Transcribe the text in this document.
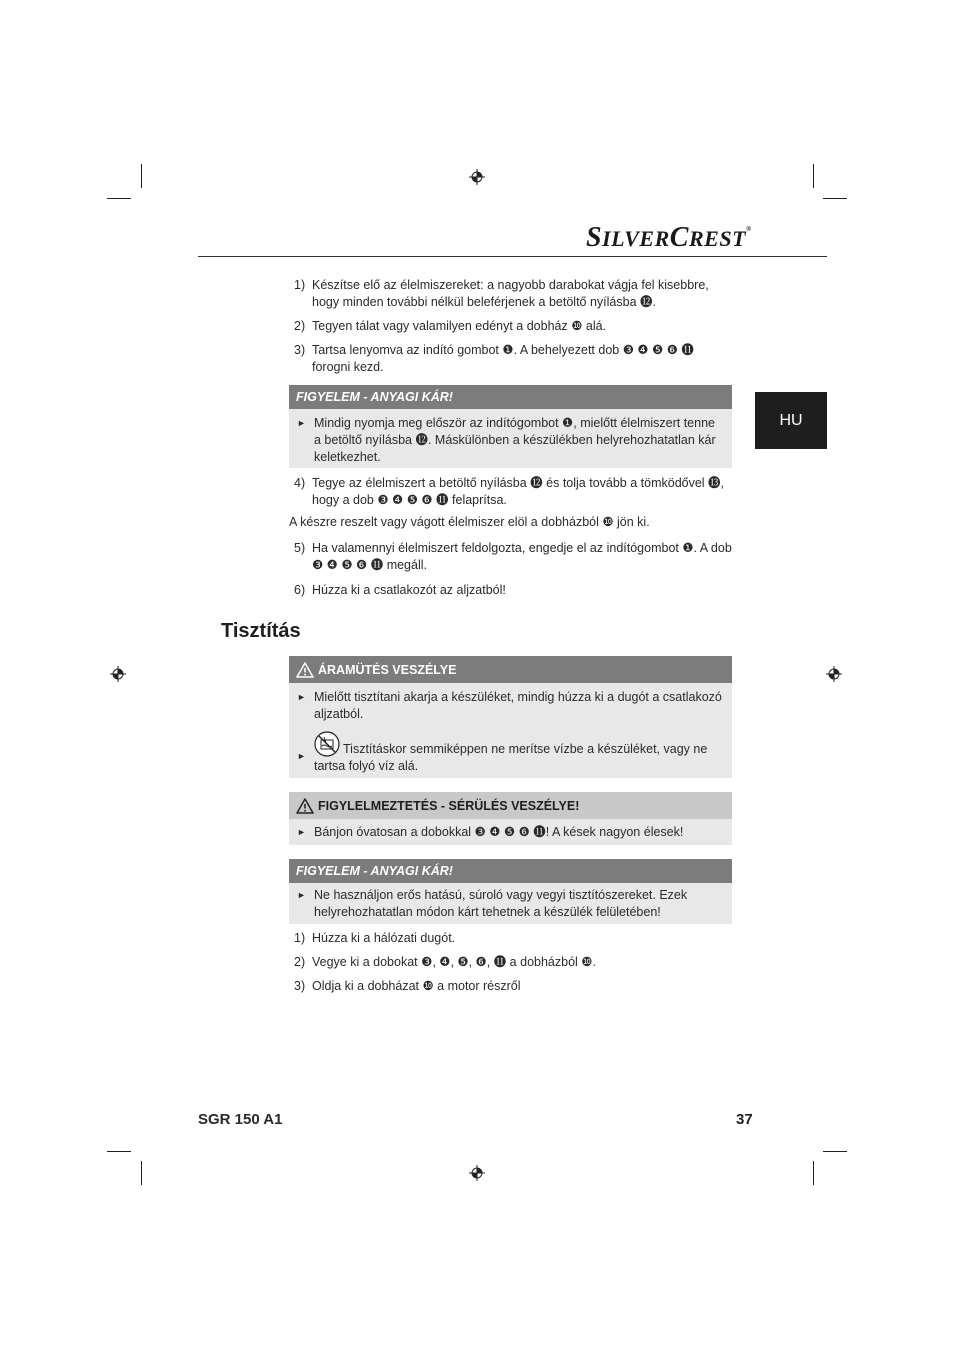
SILVERCREST®
HU
1) Készítse elő az élelmiszereket: a nagyobb darabokat vágja fel kisebbre, hogy minden további nélkül beleférjenek a betöltő nyílásba ⓬.
2) Tegyen tálat vagy valamilyen edényt a dobház ❿ alá.
3) Tartsa lenyomva az indító gombot ❶. A behelyezett dob ❸ ❹ ❺ ❻ ⓫ forogni kezd.
FIGYELEM - ANYAGI KÁR!
► Mindig nyomja meg először az indítógombot ❶, mielőtt élelmiszert tenne a betöltő nyílásba ⓬. Máskülönben a készülékben helyrehozhatatlan kár keletkezhet.
4) Tegye az élelmiszert a betöltő nyílásba ⓬ és tolja tovább a tömködővel ⓭, hogy a dob ❸ ❹ ❺ ❻ ⓫ felaprítsa.
A készre reszelt vagy vágott élelmiszer elöl a dobházból ❿ jön ki.
5) Ha valamennyi élelmiszert feldolgozta, engedje el az indítógombot ❶. A dob ❸ ❹ ❺ ❻ ⓫ megáll.
6) Húzza ki a csatlakozót az aljzatból!
Tisztítás
ÁRAMÜTÉS VESZÉLYE
► Mielőtt tisztítani akarja a készüléket, mindig húzza ki a dugót a csatlakozó aljzatból.
►	Tisztításkor semmiképpen ne merítse vízbe a készüléket, vagy ne tartsa folyó víz alá.
FIGYLELMEZTETÉS - SÉRÜLÉS VESZÉLYE!
► Bánjon óvatosan a dobokkal ❸ ❹ ❺ ❻ ⓫! A kések nagyon élesek!
FIGYELEM - ANYAGI KÁR!
► Ne használjon erős hatású, súroló vagy vegyi tisztítószereket. Ezek helyrehozhatatlan módon kárt tehetnek a készülék felületében!
1) Húzza ki a hálózati dugót.
2) Vegye ki a dobokat ❸, ❹, ❺, ❻, ⓫ a dobházból ❿.
3) Oldja ki a dobházat ❿ a motor részről
SGR 150 A1	37
